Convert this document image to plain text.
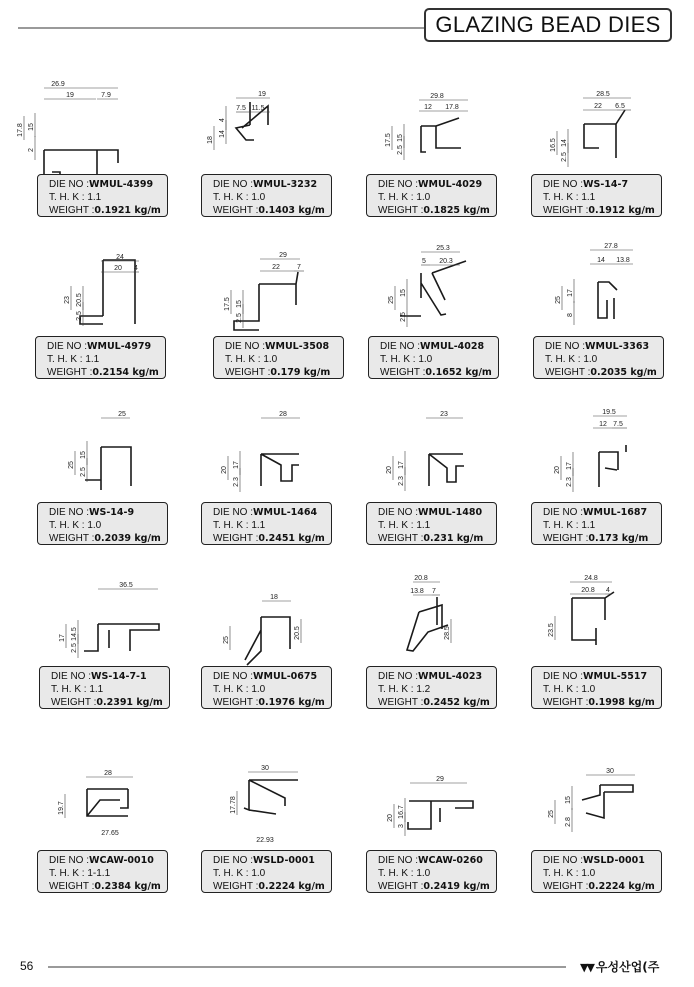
GLAZING BEAD DIES
26.9
19	7.9
17.8 15
2
DIE NO :WMUL-4399
T. H. K : 1.1
WEIGHT :0.1921 kg/m
19
7.5 11.5
18
14
4
DIE NO :WMUL-3232
T. H. K : 1.0
WEIGHT :0.1403 kg/m
29.8
12 17.8
17.5 15
2.5
DIE NO :WMUL-4029
T. H. K : 1.0
WEIGHT :0.1825 kg/m
28.5
22 6.5
16.5 14
2.5
DIE NO :WS-14-7
T. H. K : 1.1
WEIGHT :0.1912 kg/m
24
20 4
23 20.5
2.5
DIE NO :WMUL-4979
T. H. K : 1.1
WEIGHT :0.2154 kg/m
29
22 7
17.5 15
2.5
DIE NO :WMUL-3508
T. H. K : 1.0
WEIGHT :0.179 kg/m
25.3
5 20.3
25
15
2.5
DIE NO :WMUL-4028
T. H. K : 1.0
WEIGHT :0.1652 kg/m
27.8
14 13.8
25
17
8
DIE NO :WMUL-3363
T. H. K : 1.0
WEIGHT :0.2035 kg/m
25
25
15
2.5
DIE NO :WS-14-9
T. H. K : 1.0
WEIGHT :0.2039 kg/m
28
20
17
2.3
DIE NO :WMUL-1464
T. H. K : 1.1
WEIGHT :0.2451 kg/m
23
20
17
2.3
DIE NO :WMUL-1480
T. H. K : 1.1
WEIGHT :0.231 kg/m
19.5
12 7.5
20
17
2.3
DIE NO :WMUL-1687
T. H. K : 1.1
WEIGHT :0.173 kg/m
36.5
17 14.5
2.5
DIE NO :WS-14-7-1
T. H. K : 1.1
WEIGHT :0.2391 kg/m
18
25
20.5
DIE NO :WMUL-0675
T. H. K : 1.0
WEIGHT :0.1976 kg/m
20.8
13.8 7
28.5
DIE NO :WMUL-4023
T. H. K : 1.2
WEIGHT :0.2452 kg/m
24.8
20.8 4
23.5
DIE NO :WMUL-5517
T. H. K : 1.0
WEIGHT :0.1998 kg/m
28
19.7
27.65
DIE NO :WCAW-0010
T. H. K : 1-1.1
WEIGHT :0.2384 kg/m
30
17.78
22.93
DIE NO :WSLD-0001
T. H. K : 1.0
WEIGHT :0.2224 kg/m
29
20 16.7
3
DIE NO :WCAW-0260
T. H. K : 1.0
WEIGHT :0.2419 kg/m
30
25
15
2.8
DIE NO :WSLD-0001
T. H. K : 1.0
WEIGHT :0.2224 kg/m
56	▼▼ 우성산업(주
